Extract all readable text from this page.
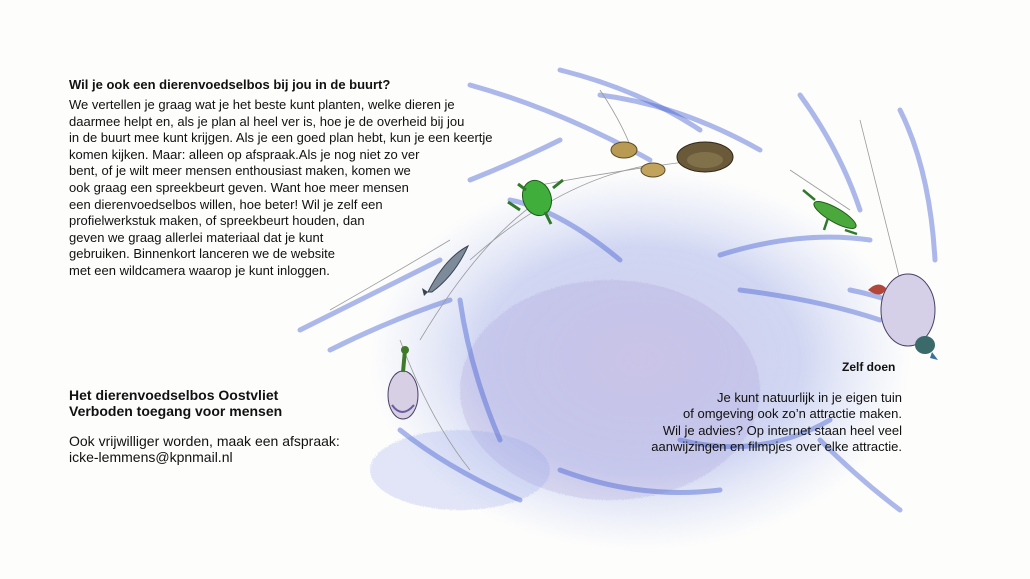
Wil je ook een dierenvoedselbos bij jou in de buurt?

We vertellen je graag wat je het beste kunt planten, welke dieren je
daarmee helpt en, als je plan al heel ver is, hoe je de overheid bij jou
in de buurt mee kunt krijgen. Als je een goed plan hebt, kun je een keertje
komen kijken. Maar: alleen op afspraak.Als je nog niet zo ver
bent, of je wilt meer mensen enthousiast maken, komen we
ook graag een spreekbeurt geven. Want hoe meer mensen
een dierenvoedselbos willen, hoe beter! Wil je zelf een
profielwerkstuk maken, of spreekbeurt houden, dan
geven we graag allerlei materiaal dat je kunt
gebruiken. Binnenkort lanceren we de website
met een wildcamera waarop je kunt inloggen.
Het dierenvoedselbos Oostvliet
Verboden toegang voor mensen
Ook vrijwilliger worden, maak een afspraak:
icke-lemmens@kpnmail.nl

Zelf doen

Je kunt natuurlijk in je eigen tuin
of omgeving ook zo’n attractie maken.
Wil je advies? Op internet staan heel veel
aanwijzingen en filmpjes over elke attractie.
